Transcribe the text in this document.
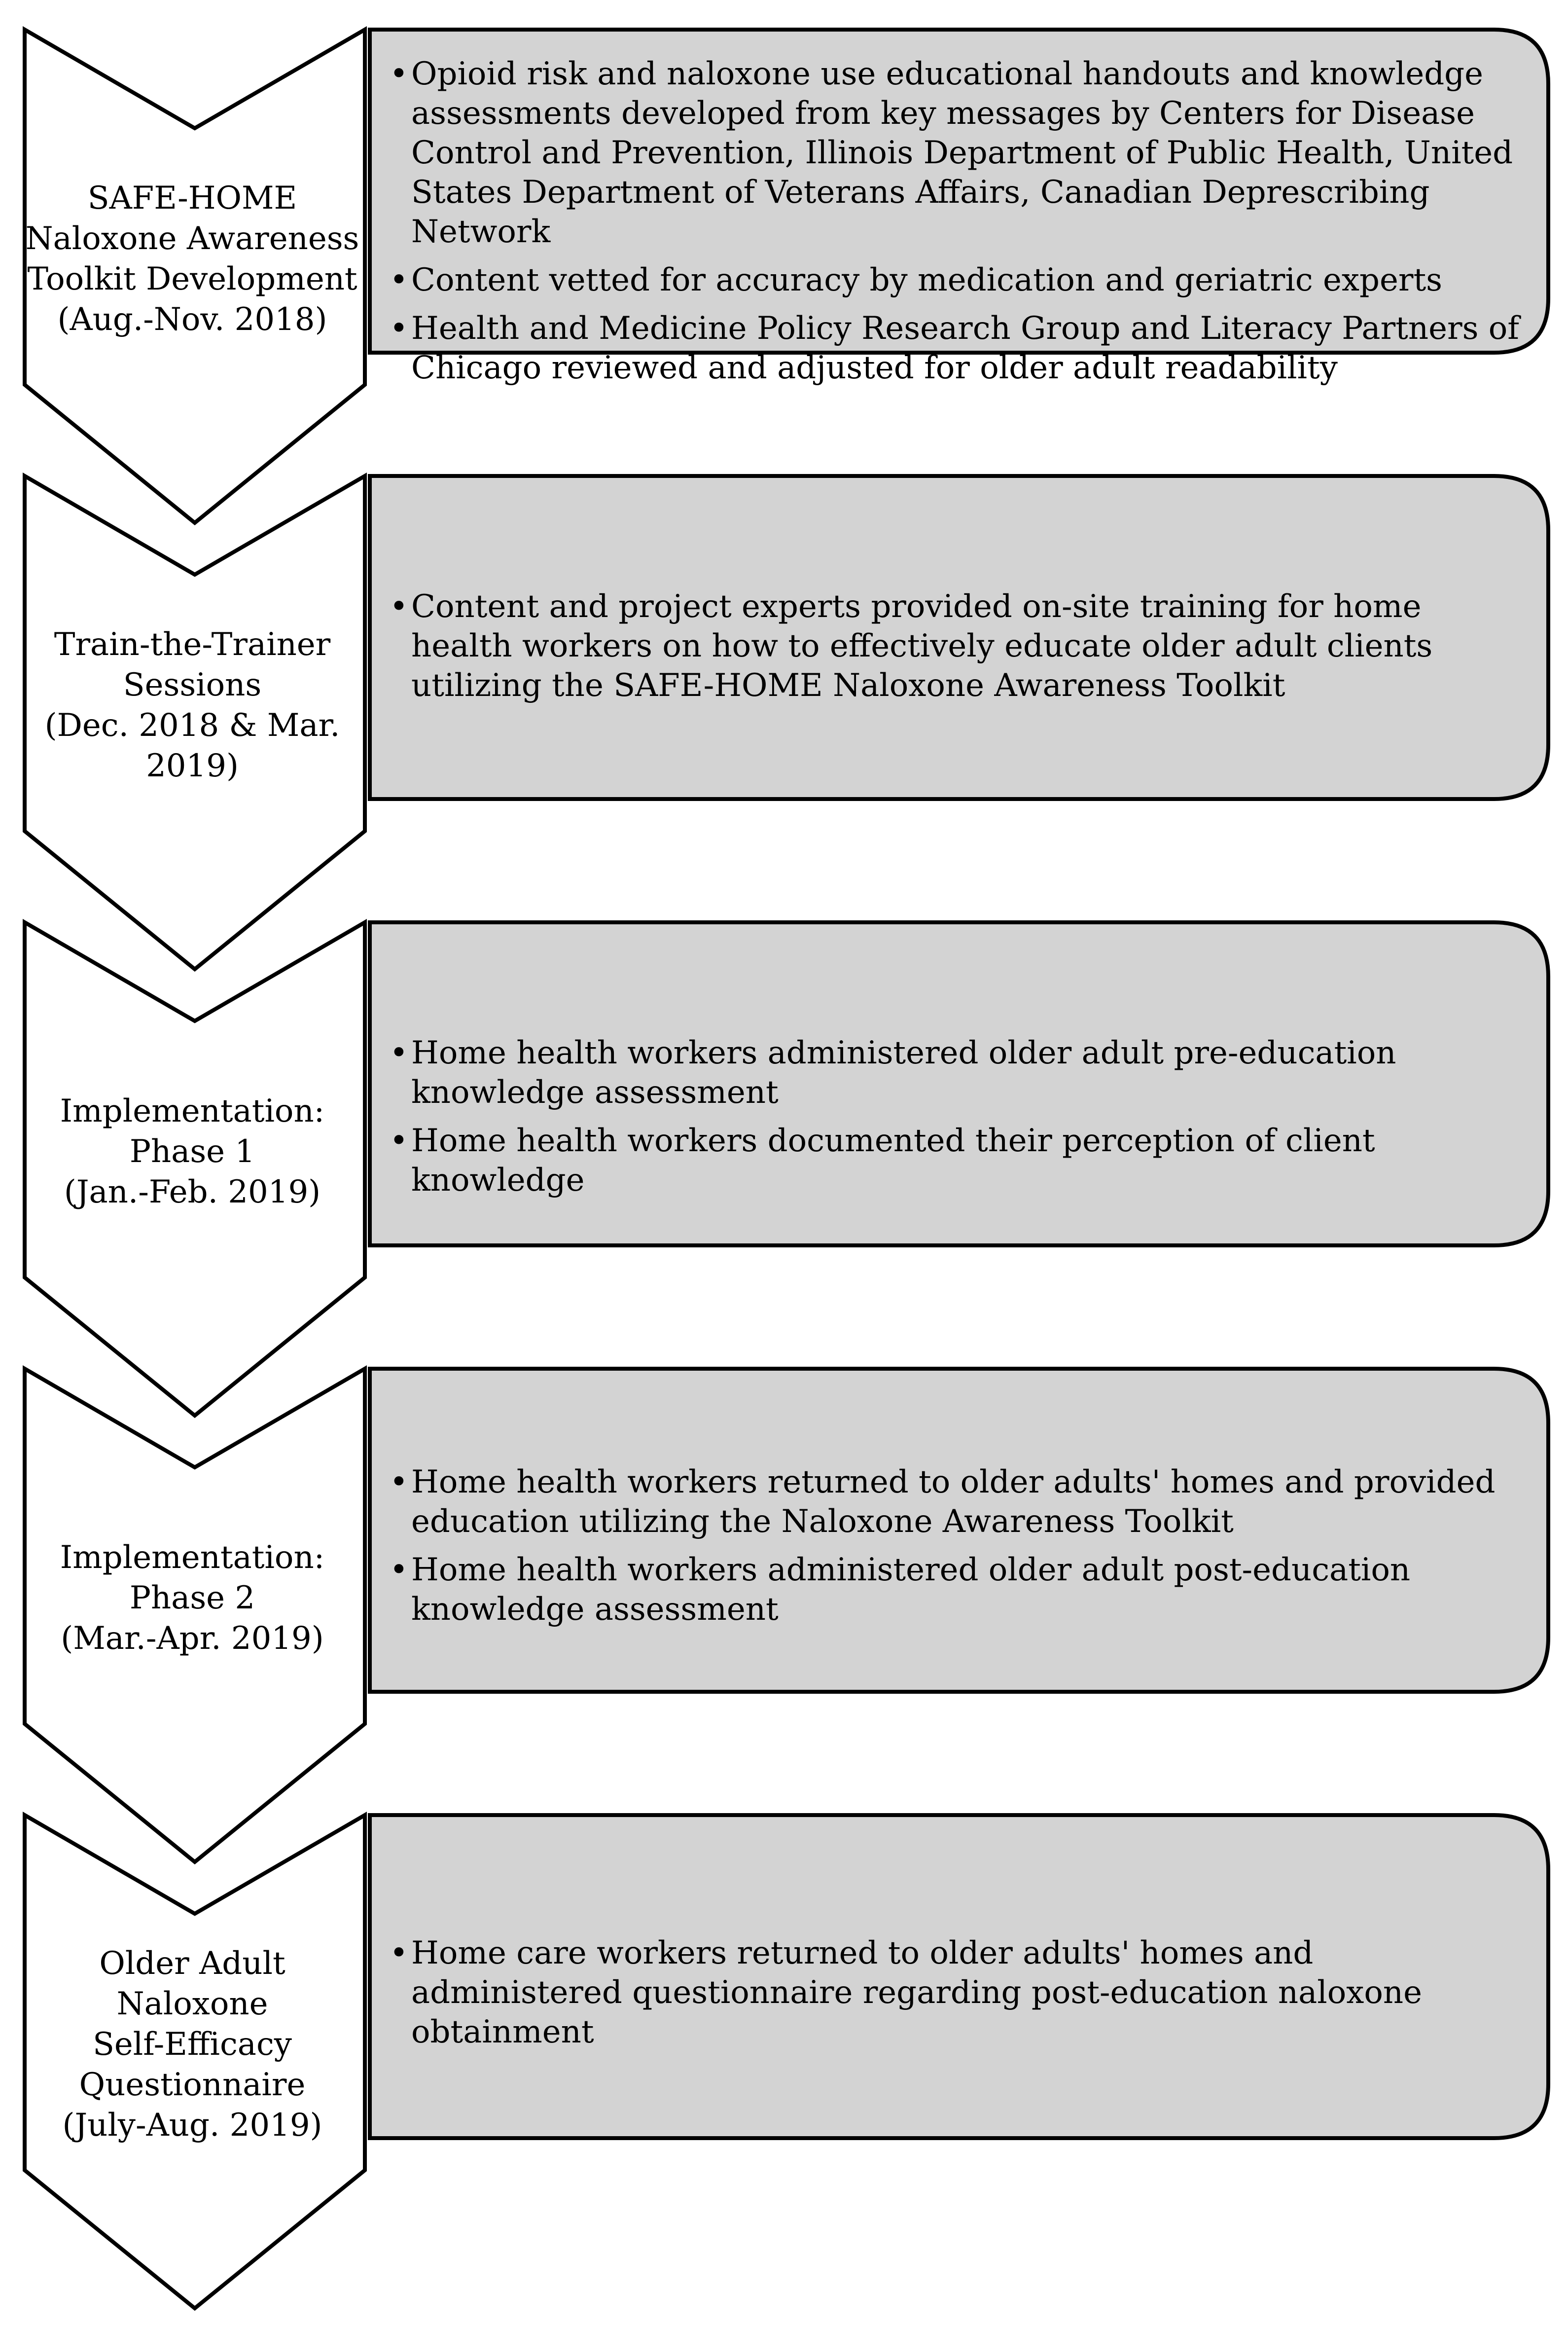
SAFE-HOME
Naloxone Awareness
Toolkit Development
(Aug.-Nov. 2018)
• Opioid risk and naloxone use educational handouts and knowledge assessments developed from key messages by Centers for Disease Control and Prevention, Illinois Department of Public Health, United States Department of Veterans Affairs, Canadian Deprescribing Network
• Content vetted for accuracy by medication and geriatric experts
• Health and Medicine Policy Research Group and Literacy Partners of Chicago reviewed and adjusted for older adult readability
Train-the-Trainer
Sessions
(Dec. 2018 & Mar. 2019)
• Content and project experts provided on-site training for home health workers on how to effectively educate older adult clients utilizing the SAFE-HOME Naloxone Awareness Toolkit
Implementation:
Phase 1
(Jan.-Feb. 2019)
• Home health workers administered older adult pre-education knowledge assessment
• Home health workers documented their perception of client knowledge
Implementation:
Phase 2
(Mar.-Apr. 2019)
• Home health workers returned to older adults' homes and provided education utilizing the Naloxone Awareness Toolkit
• Home health workers administered older adult post-education knowledge assessment
Older Adult Naloxone
Self-Efficacy
Questionnaire
(July-Aug. 2019)
• Home care workers returned to older adults' homes and administered questionnaire regarding post-education naloxone obtainment
